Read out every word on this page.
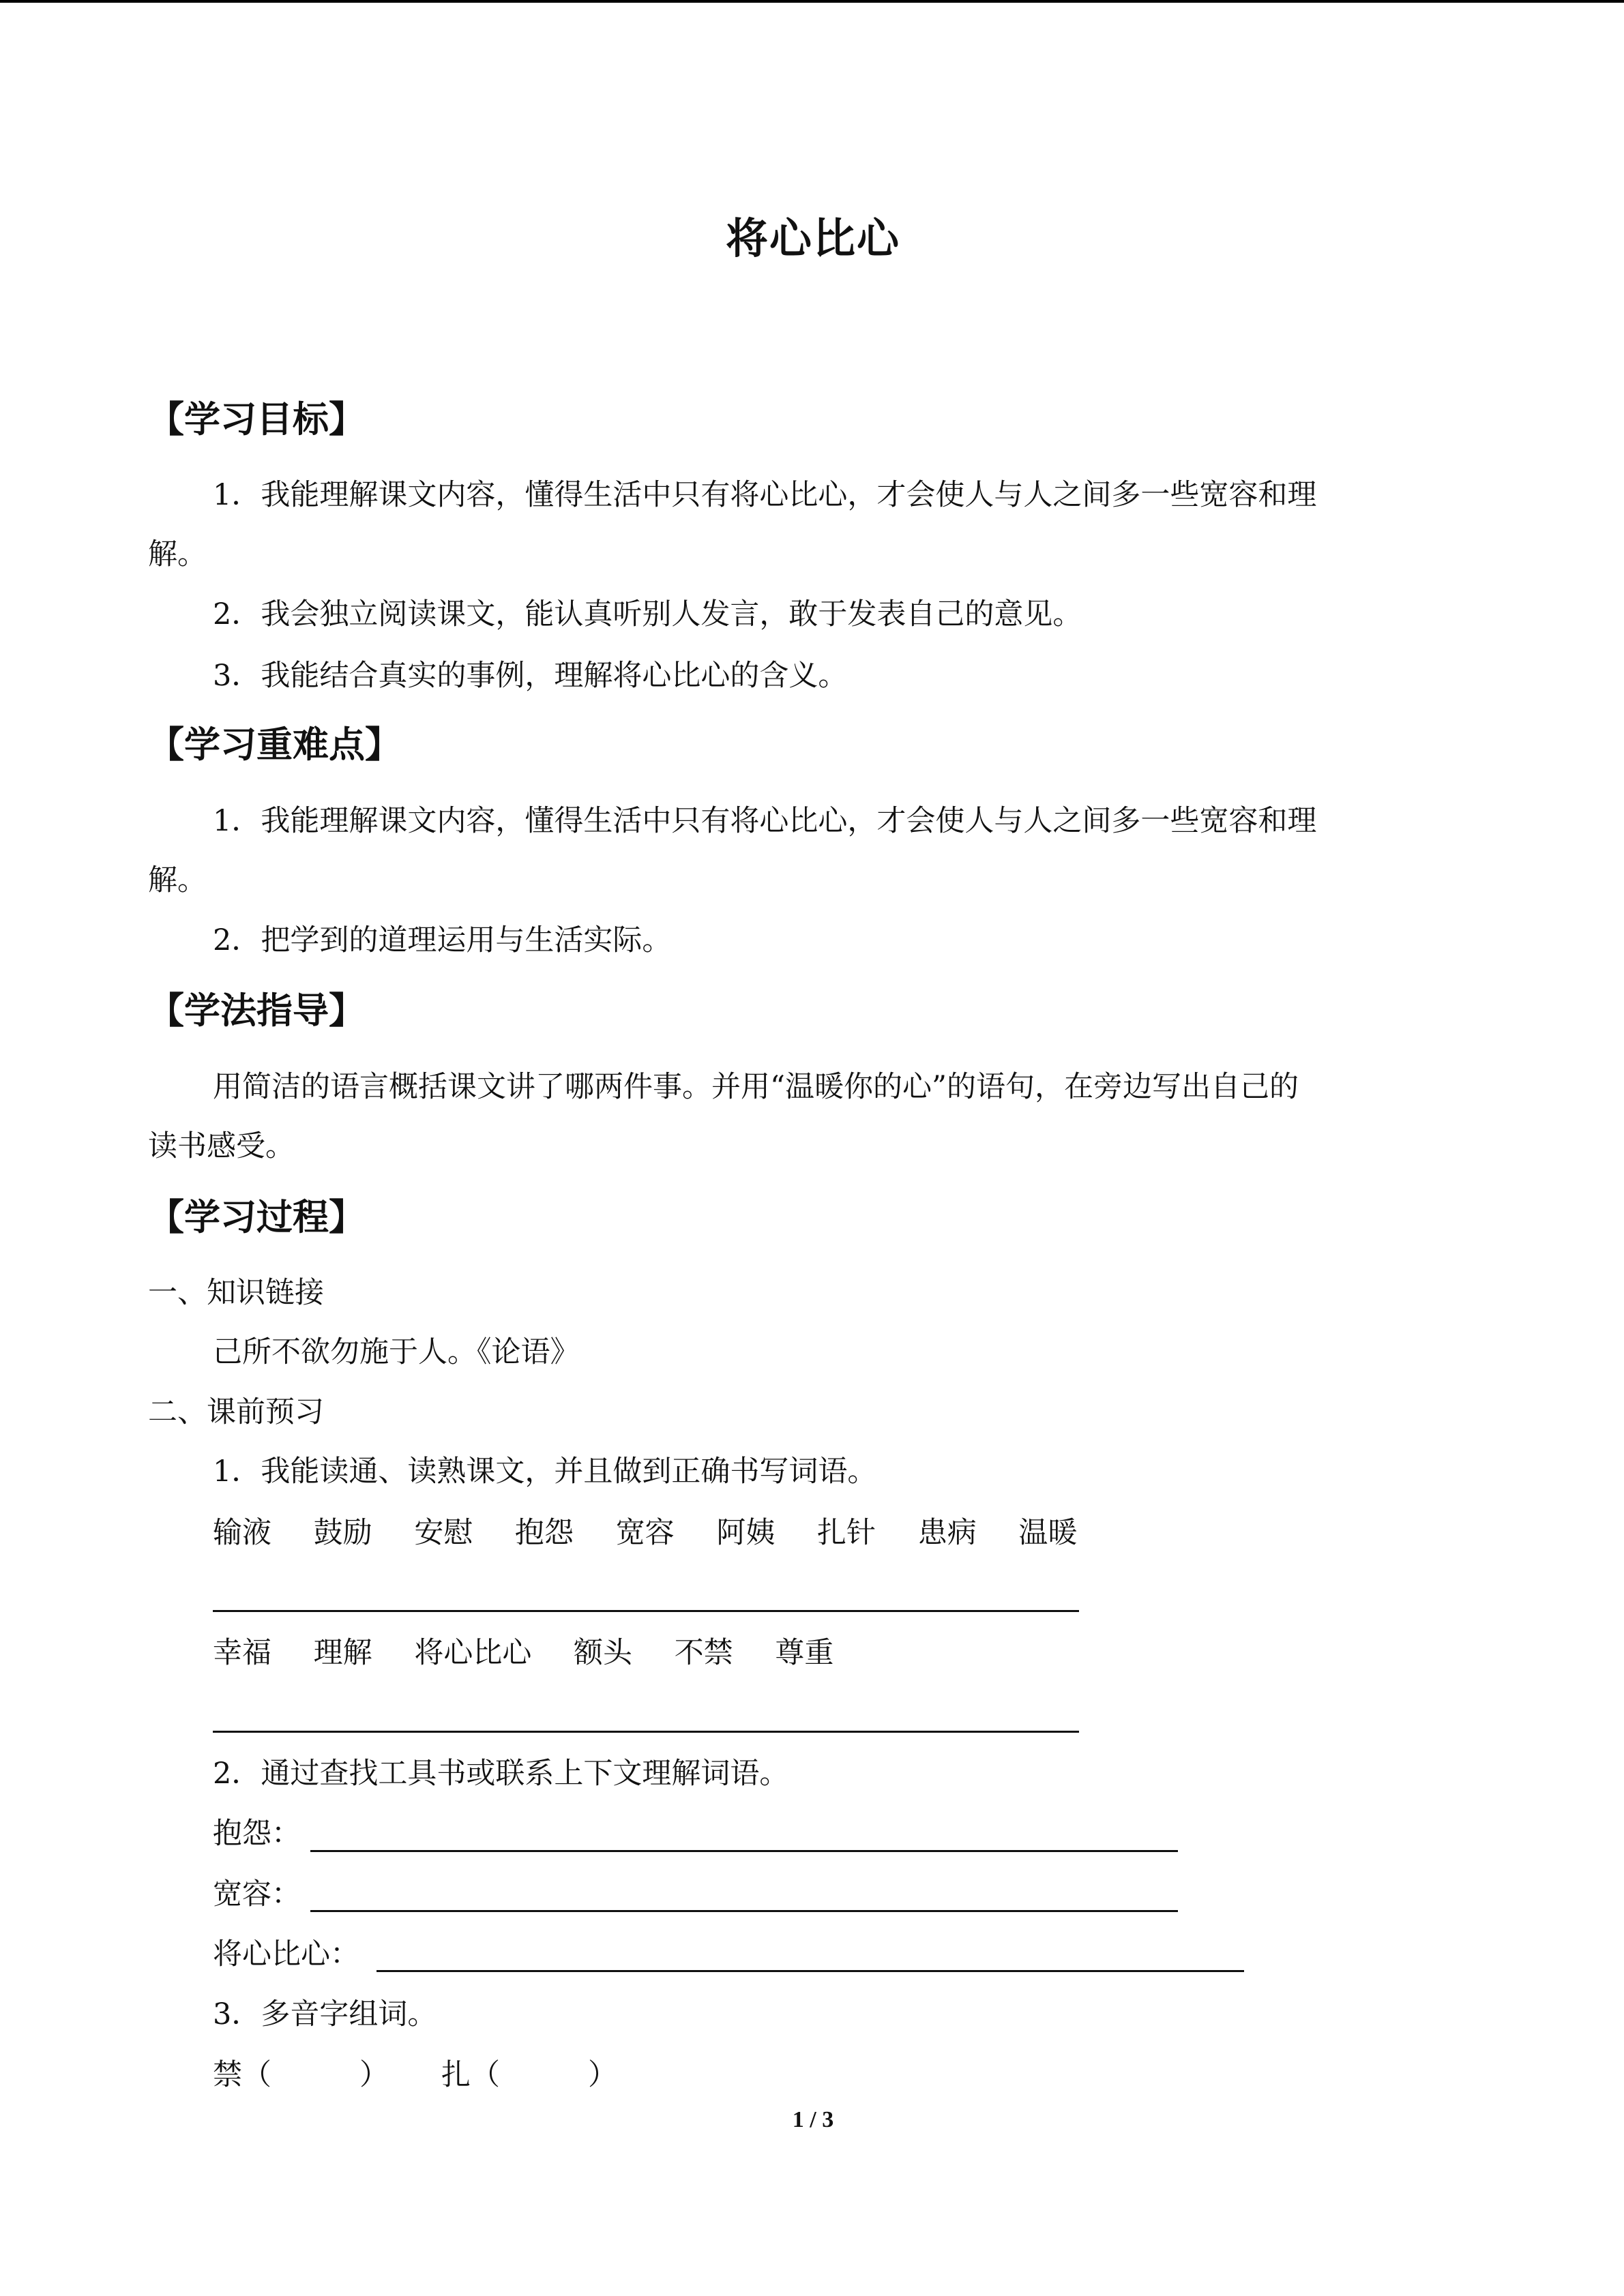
将心比心
【学习目标】
1．我能理解课文内容，懂得生活中只有将心比心，才会使人与人之间多一些宽容和理
解。
2．我会独立阅读课文，能认真听别人发言，敢于发表自己的意见。
3．我能结合真实的事例，理解将心比心的含义。
【学习重难点】
1．我能理解课文内容，懂得生活中只有将心比心，才会使人与人之间多一些宽容和理
解。
2．把学到的道理运用与生活实际。
【学法指导】
用简洁的语言概括课文讲了哪两件事。并用“温暖你的心”的语句，在旁边写出自己的
读书感受。
【学习过程】
一、知识链接
己所不欲勿施于人。《论语》
二、课前预习
1．我能读通、读熟课文，并且做到正确书写词语。
输液 鼓励 安慰 抱怨 宽容 阿姨 扎针 患病 温暖
幸福 理解 将心比心 额头 不禁 尊重
2．通过查找工具书或联系上下文理解词语。
抱怨：
宽容：
将心比心：
3．多音字组词。
禁（　　　） 扎（　　　）
1 / 3
